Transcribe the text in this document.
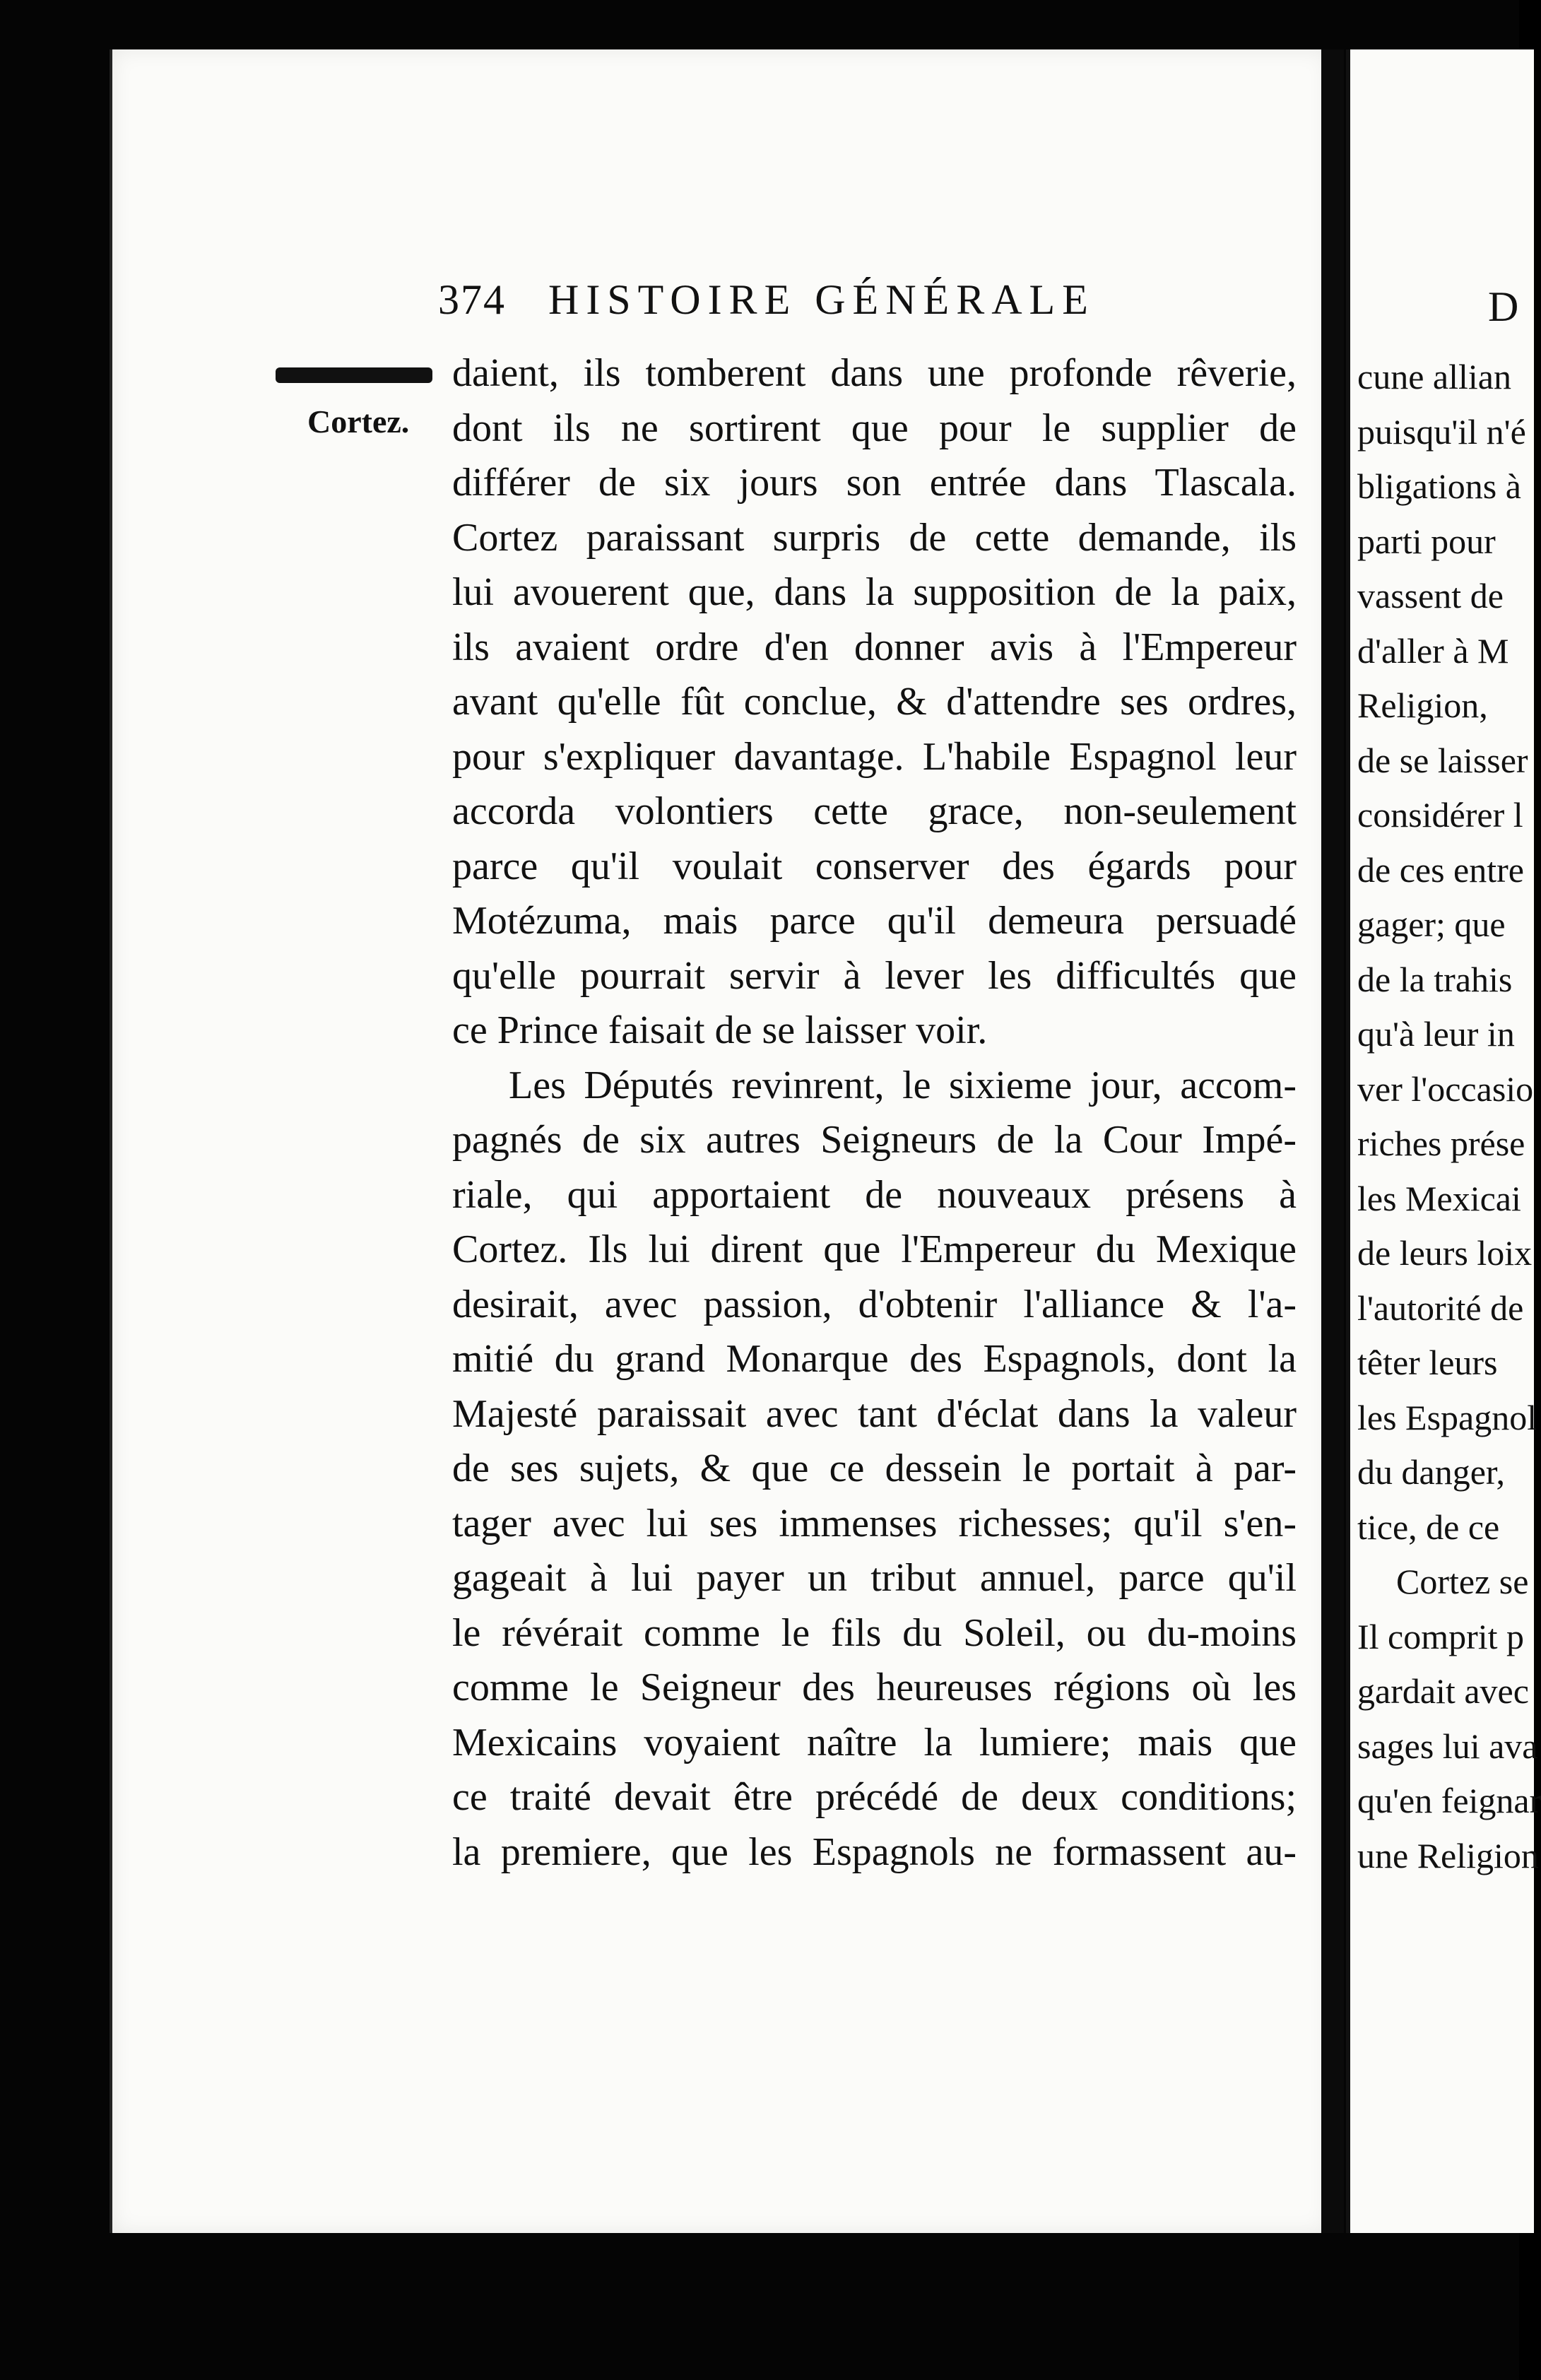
374 HISTOIRE GÉNÉRALE
Cortez.
daient, ils tomberent dans une profonde rêverie,
dont ils ne sortirent que pour le supplier de
différer de six jours son entrée dans Tlascala.
Cortez paraissant surpris de cette demande, ils
lui avouerent que, dans la supposition de la paix,
ils avaient ordre d'en donner avis à l'Empereur
avant qu'elle fût conclue, & d'attendre ses ordres,
pour s'expliquer davantage. L'habile Espagnol leur
accorda volontiers cette grace, non-seulement
parce qu'il voulait conserver des égards pour
Motézuma, mais parce qu'il demeura persuadé
qu'elle pourrait servir à lever les difficultés que
ce Prince faisait de se laisser voir.
Les Députés revinrent, le sixieme jour, accom-
pagnés de six autres Seigneurs de la Cour Impé-
riale, qui apportaient de nouveaux présens à
Cortez. Ils lui dirent que l'Empereur du Mexique
desirait, avec passion, d'obtenir l'alliance & l'a-
mitié du grand Monarque des Espagnols, dont la
Majesté paraissait avec tant d'éclat dans la valeur
de ses sujets, & que ce dessein le portait à par-
tager avec lui ses immenses richesses; qu'il s'en-
gageait à lui payer un tribut annuel, parce qu'il
le révérait comme le fils du Soleil, ou du-moins
comme le Seigneur des heureuses régions où les
Mexicains voyaient naître la lumiere; mais que
ce traité devait être précédé de deux conditions;
la premiere, que les Espagnols ne formassent au-
D
cune allian
puisqu'il n'é
bligations à
parti pour
vassent de
d'aller à M
Religion,
de se laisser
considérer l
de ces entre
gager; que
de la trahis
qu'à leur in
ver l'occasio
riches prése
les Mexicai
de leurs loix
l'autorité de
têter leurs
les Espagnol
du danger,
tice, de ce
Cortez se
Il comprit p
gardait avec
sages lui ava
qu'en feignar
une Religion
